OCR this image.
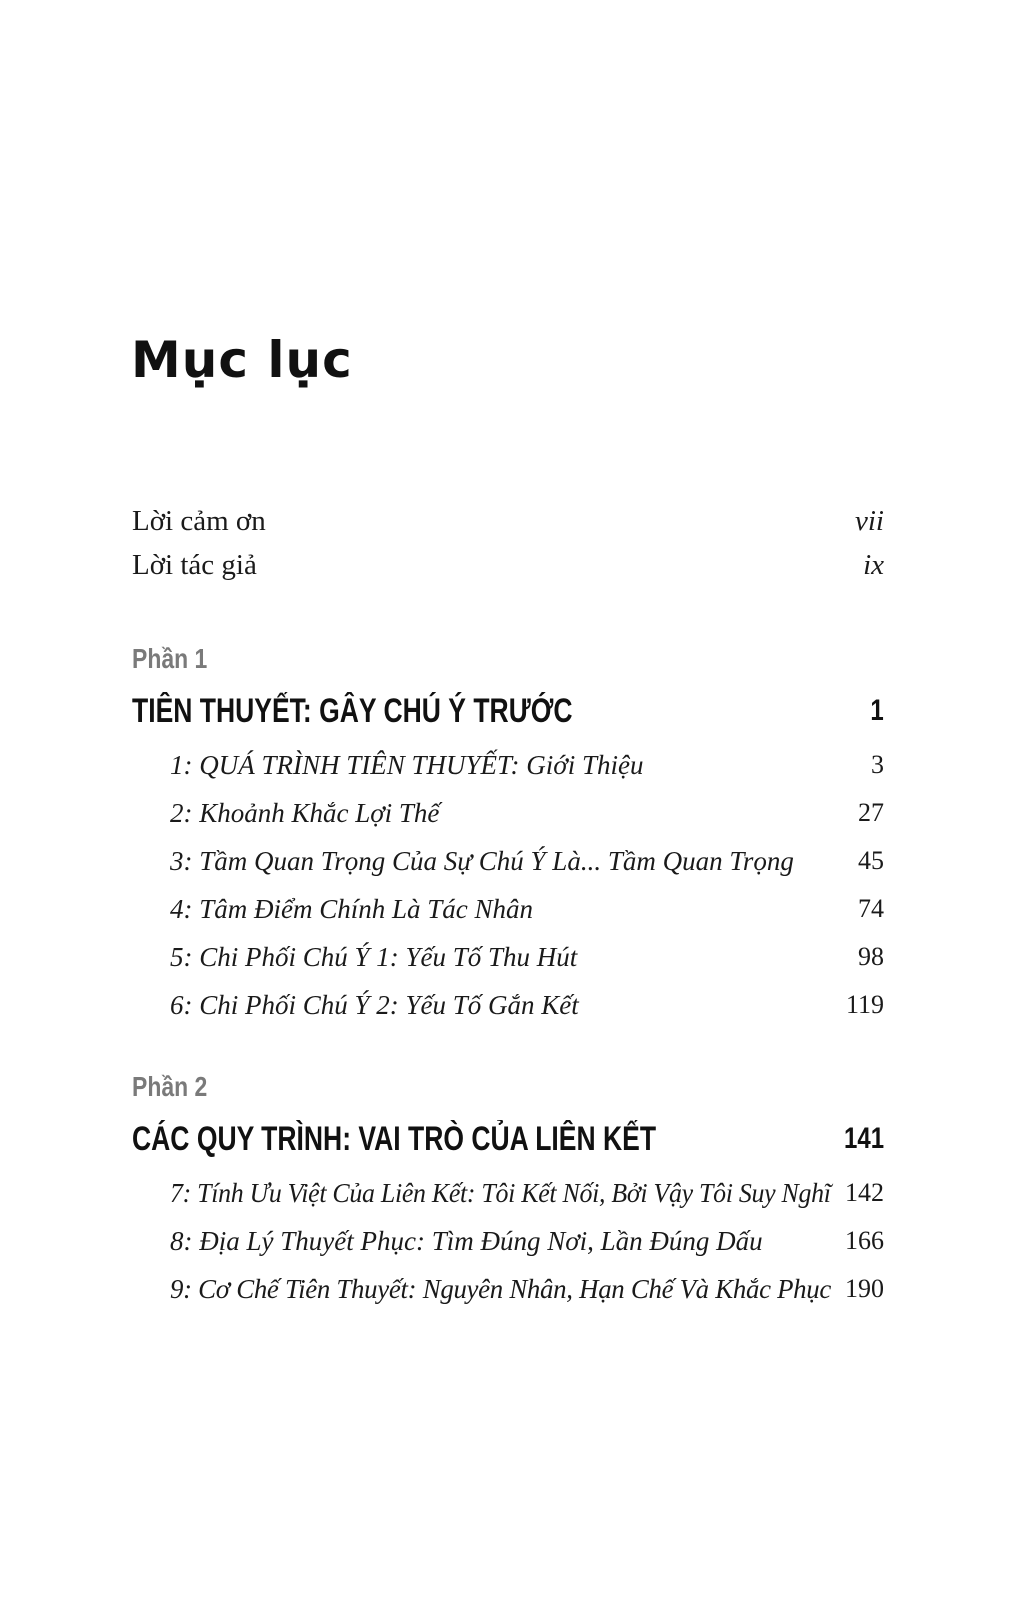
Mục lục
Lời cảm ơn	vii
Lời tác giả	ix
Phần 1
TIÊN THUYẾT: GÂY CHÚ Ý TRƯỚC	1
1: QUÁ TRÌNH TIÊN THUYẾT: Giới Thiệu	3
2: Khoảnh Khắc Lợi Thế	27
3: Tầm Quan Trọng Của Sự Chú Ý Là... Tầm Quan Trọng 45
4: Tâm Điểm Chính Là Tác Nhân	74
5: Chi Phối Chú Ý 1: Yếu Tố Thu Hút	98
6: Chi Phối Chú Ý 2: Yếu Tố Gắn Kết	119
Phần 2
CÁC QUY TRÌNH: VAI TRÒ CỦA LIÊN KẾT	141
7: Tính Ưu Việt Của Liên Kết: Tôi Kết Nối, Bởi Vậy Tôi Suy Nghĩ 142
8: Địa Lý Thuyết Phục: Tìm Đúng Nơi, Lần Đúng Dấu	166
9: Cơ Chế Tiên Thuyết: Nguyên Nhân, Hạn Chế Và Khắc Phục 190
